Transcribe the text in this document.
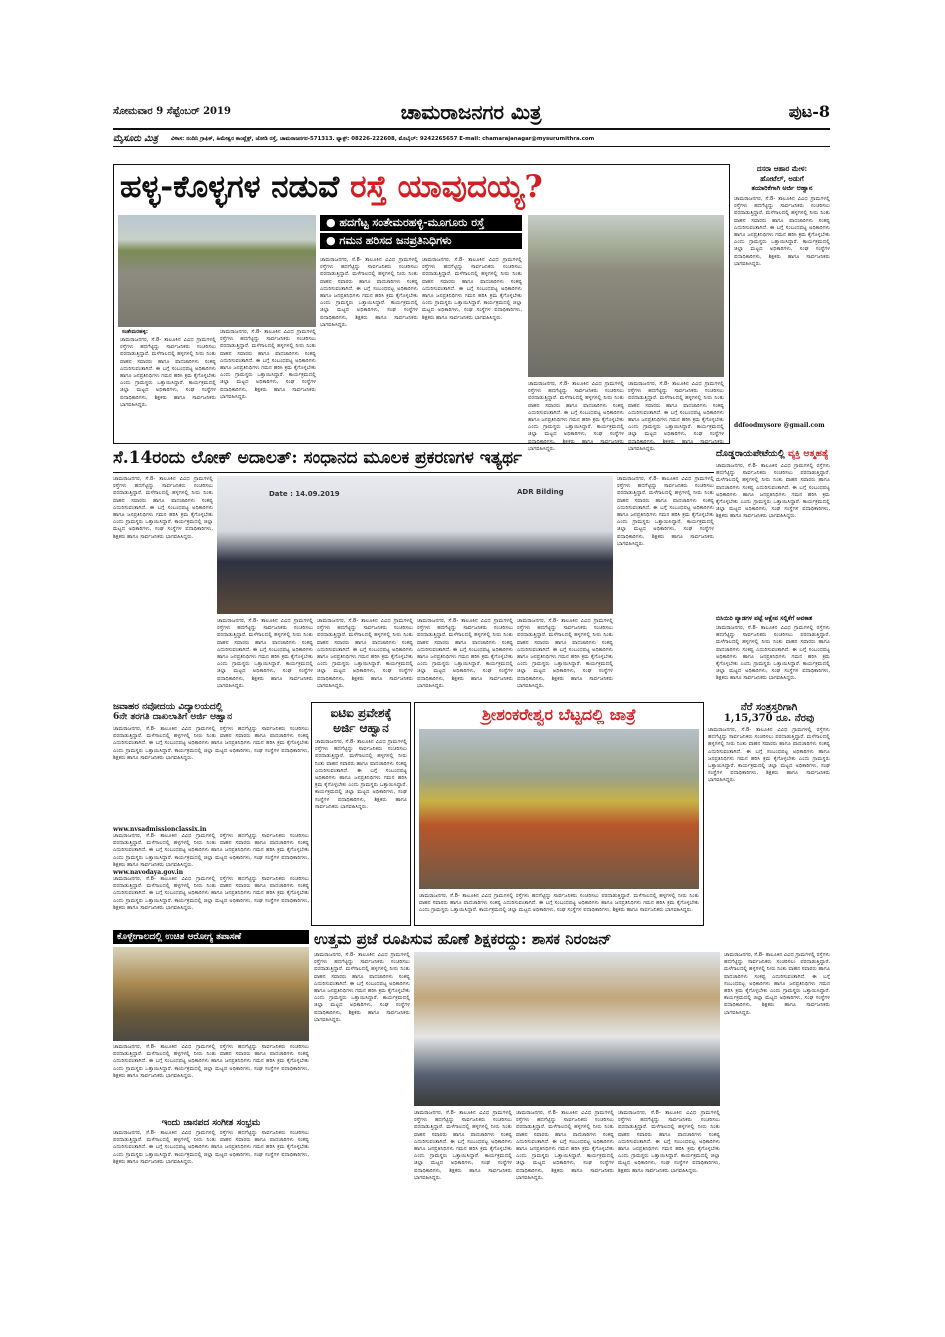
ಸೋಮವಾರ 9 ಸೆಪ್ಟೆಂಬರ್ 2019	ಚಾಮರಾಜನಗರ ಮಿತ್ರ	ಪುಟ-8
ಮೈಸೂರು ಮಿತ್ರ ವಿಳಾಸ: ನಂದಿನಿ ಗ್ರಾಫಿಕ್, ಹಿಮೇಶ್ವರ ಕಾಂಪ್ಲೆಕ್ಸ್, ಜೋಡಿ ರಸ್ತೆ, ಚಾಮರಾಜನಗರ-571313. ಫ್ಯಾಕ್ಸ್: 08226-222608, ಮೊಬೈಲ್: 9242265657 E-mail: chamarajanagar@mysurumithra.com
ಹಳ್ಳ-ಕೊಳ್ಳಗಳ ನಡುವೆ ರಸ್ತೆ ಯಾವುದಯ್ಯ?
ಸಂತೇಮರಹಳ್ಳಿ:
ಚಾಮರಾಜನಗರ, ಸೆ.8- ತಾಲೂಕಿನ ವಿವಿಧ ಗ್ರಾಮಗಳಲ್ಲಿ ರಸ್ತೆಗಳು ಹದಗೆಟ್ಟಿದ್ದು ಸಾರ್ವಜನಿಕರು ಸಂಚರಿಸಲು ಪರದಾಡುತ್ತಿದ್ದಾರೆ. ಮಳೆಗಾಲದಲ್ಲಿ ಹಳ್ಳಗಳಲ್ಲಿ ನೀರು ನಿಂತು ವಾಹನ ಸವಾರರು ಹಾಗೂ ಪಾದಚಾರಿಗಳು ಸಂಕಷ್ಟ ಎದುರಿಸುವಂತಾಗಿದೆ. ಈ ಬಗ್ಗೆ ಸಂಬಂಧಪಟ್ಟ ಅಧಿಕಾರಿಗಳು ಹಾಗೂ ಜನಪ್ರತಿನಿಧಿಗಳು ಗಮನ ಹರಿಸಿ ಕ್ರಮ ಕೈಗೊಳ್ಳಬೇಕು ಎಂದು ಗ್ರಾಮಸ್ಥರು ಒತ್ತಾಯಿಸಿದ್ದಾರೆ. ಕಾರ್ಯಕ್ರಮದಲ್ಲಿ ಜಿಲ್ಲಾ ಮಟ್ಟದ ಅಧಿಕಾರಿಗಳು, ಸಂಘ ಸಂಸ್ಥೆಗಳ ಪದಾಧಿಕಾರಿಗಳು, ಶಿಕ್ಷಕರು ಹಾಗೂ ಸಾರ್ವಜನಿಕರು ಭಾಗವಹಿಸಿದ್ದರು.
ಚಾಮರಾಜನಗರ, ಸೆ.8- ತಾಲೂಕಿನ ವಿವಿಧ ಗ್ರಾಮಗಳಲ್ಲಿ ರಸ್ತೆಗಳು ಹದಗೆಟ್ಟಿದ್ದು ಸಾರ್ವಜನಿಕರು ಸಂಚರಿಸಲು ಪರದಾಡುತ್ತಿದ್ದಾರೆ. ಮಳೆಗಾಲದಲ್ಲಿ ಹಳ್ಳಗಳಲ್ಲಿ ನೀರು ನಿಂತು ವಾಹನ ಸವಾರರು ಹಾಗೂ ಪಾದಚಾರಿಗಳು ಸಂಕಷ್ಟ ಎದುರಿಸುವಂತಾಗಿದೆ. ಈ ಬಗ್ಗೆ ಸಂಬಂಧಪಟ್ಟ ಅಧಿಕಾರಿಗಳು ಹಾಗೂ ಜನಪ್ರತಿನಿಧಿಗಳು ಗಮನ ಹರಿಸಿ ಕ್ರಮ ಕೈಗೊಳ್ಳಬೇಕು ಎಂದು ಗ್ರಾಮಸ್ಥರು ಒತ್ತಾಯಿಸಿದ್ದಾರೆ. ಕಾರ್ಯಕ್ರಮದಲ್ಲಿ ಜಿಲ್ಲಾ ಮಟ್ಟದ ಅಧಿಕಾರಿಗಳು, ಸಂಘ ಸಂಸ್ಥೆಗಳ ಪದಾಧಿಕಾರಿಗಳು, ಶಿಕ್ಷಕರು ಹಾಗೂ ಸಾರ್ವಜನಿಕರು ಭಾಗವಹಿಸಿದ್ದರು.
● ಹದಗೆಟ್ಟ ಸಂತೇಮರಹಳ್ಳಿ-ಮೂಗೂರು ರಸ್ತೆ
● ಗಮನ ಹರಿಸದ ಜನಪ್ರತಿನಿಧಿಗಳು
ಚಾಮರಾಜನಗರ, ಸೆ.8- ತಾಲೂಕಿನ ವಿವಿಧ ಗ್ರಾಮಗಳಲ್ಲಿ ರಸ್ತೆಗಳು ಹದಗೆಟ್ಟಿದ್ದು ಸಾರ್ವಜನಿಕರು ಸಂಚರಿಸಲು ಪರದಾಡುತ್ತಿದ್ದಾರೆ. ಮಳೆಗಾಲದಲ್ಲಿ ಹಳ್ಳಗಳಲ್ಲಿ ನೀರು ನಿಂತು ವಾಹನ ಸವಾರರು ಹಾಗೂ ಪಾದಚಾರಿಗಳು ಸಂಕಷ್ಟ ಎದುರಿಸುವಂತಾಗಿದೆ. ಈ ಬಗ್ಗೆ ಸಂಬಂಧಪಟ್ಟ ಅಧಿಕಾರಿಗಳು ಹಾಗೂ ಜನಪ್ರತಿನಿಧಿಗಳು ಗಮನ ಹರಿಸಿ ಕ್ರಮ ಕೈಗೊಳ್ಳಬೇಕು ಎಂದು ಗ್ರಾಮಸ್ಥರು ಒತ್ತಾಯಿಸಿದ್ದಾರೆ. ಕಾರ್ಯಕ್ರಮದಲ್ಲಿ ಜಿಲ್ಲಾ ಮಟ್ಟದ ಅಧಿಕಾರಿಗಳು, ಸಂಘ ಸಂಸ್ಥೆಗಳ ಪದಾಧಿಕಾರಿಗಳು, ಶಿಕ್ಷಕರು ಹಾಗೂ ಸಾರ್ವಜನಿಕರು ಭಾಗವಹಿಸಿದ್ದರು.
ಚಾಮರಾಜನಗರ, ಸೆ.8- ತಾಲೂಕಿನ ವಿವಿಧ ಗ್ರಾಮಗಳಲ್ಲಿ ರಸ್ತೆಗಳು ಹದಗೆಟ್ಟಿದ್ದು ಸಾರ್ವಜನಿಕರು ಸಂಚರಿಸಲು ಪರದಾಡುತ್ತಿದ್ದಾರೆ. ಮಳೆಗಾಲದಲ್ಲಿ ಹಳ್ಳಗಳಲ್ಲಿ ನೀರು ನಿಂತು ವಾಹನ ಸವಾರರು ಹಾಗೂ ಪಾದಚಾರಿಗಳು ಸಂಕಷ್ಟ ಎದುರಿಸುವಂತಾಗಿದೆ. ಈ ಬಗ್ಗೆ ಸಂಬಂಧಪಟ್ಟ ಅಧಿಕಾರಿಗಳು ಹಾಗೂ ಜನಪ್ರತಿನಿಧಿಗಳು ಗಮನ ಹರಿಸಿ ಕ್ರಮ ಕೈಗೊಳ್ಳಬೇಕು ಎಂದು ಗ್ರಾಮಸ್ಥರು ಒತ್ತಾಯಿಸಿದ್ದಾರೆ. ಕಾರ್ಯಕ್ರಮದಲ್ಲಿ ಜಿಲ್ಲಾ ಮಟ್ಟದ ಅಧಿಕಾರಿಗಳು, ಸಂಘ ಸಂಸ್ಥೆಗಳ ಪದಾಧಿಕಾರಿಗಳು, ಶಿಕ್ಷಕರು ಹಾಗೂ ಸಾರ್ವಜನಿಕರು ಭಾಗವಹಿಸಿದ್ದರು.
ಚಾಮರಾಜನಗರ, ಸೆ.8- ತಾಲೂಕಿನ ವಿವಿಧ ಗ್ರಾಮಗಳಲ್ಲಿ ರಸ್ತೆಗಳು ಹದಗೆಟ್ಟಿದ್ದು ಸಾರ್ವಜನಿಕರು ಸಂಚರಿಸಲು ಪರದಾಡುತ್ತಿದ್ದಾರೆ. ಮಳೆಗಾಲದಲ್ಲಿ ಹಳ್ಳಗಳಲ್ಲಿ ನೀರು ನಿಂತು ವಾಹನ ಸವಾರರು ಹಾಗೂ ಪಾದಚಾರಿಗಳು ಸಂಕಷ್ಟ ಎದುರಿಸುವಂತಾಗಿದೆ. ಈ ಬಗ್ಗೆ ಸಂಬಂಧಪಟ್ಟ ಅಧಿಕಾರಿಗಳು ಹಾಗೂ ಜನಪ್ರತಿನಿಧಿಗಳು ಗಮನ ಹರಿಸಿ ಕ್ರಮ ಕೈಗೊಳ್ಳಬೇಕು ಎಂದು ಗ್ರಾಮಸ್ಥರು ಒತ್ತಾಯಿಸಿದ್ದಾರೆ. ಕಾರ್ಯಕ್ರಮದಲ್ಲಿ ಜಿಲ್ಲಾ ಮಟ್ಟದ ಅಧಿಕಾರಿಗಳು, ಸಂಘ ಸಂಸ್ಥೆಗಳ ಪದಾಧಿಕಾರಿಗಳು, ಶಿಕ್ಷಕರು ಹಾಗೂ ಸಾರ್ವಜನಿಕರು ಭಾಗವಹಿಸಿದ್ದರು.
ಚಾಮರಾಜನಗರ, ಸೆ.8- ತಾಲೂಕಿನ ವಿವಿಧ ಗ್ರಾಮಗಳಲ್ಲಿ ರಸ್ತೆಗಳು ಹದಗೆಟ್ಟಿದ್ದು ಸಾರ್ವಜನಿಕರು ಸಂಚರಿಸಲು ಪರದಾಡುತ್ತಿದ್ದಾರೆ. ಮಳೆಗಾಲದಲ್ಲಿ ಹಳ್ಳಗಳಲ್ಲಿ ನೀರು ನಿಂತು ವಾಹನ ಸವಾರರು ಹಾಗೂ ಪಾದಚಾರಿಗಳು ಸಂಕಷ್ಟ ಎದುರಿಸುವಂತಾಗಿದೆ. ಈ ಬಗ್ಗೆ ಸಂಬಂಧಪಟ್ಟ ಅಧಿಕಾರಿಗಳು ಹಾಗೂ ಜನಪ್ರತಿನಿಧಿಗಳು ಗಮನ ಹರಿಸಿ ಕ್ರಮ ಕೈಗೊಳ್ಳಬೇಕು ಎಂದು ಗ್ರಾಮಸ್ಥರು ಒತ್ತಾಯಿಸಿದ್ದಾರೆ. ಕಾರ್ಯಕ್ರಮದಲ್ಲಿ ಜಿಲ್ಲಾ ಮಟ್ಟದ ಅಧಿಕಾರಿಗಳು, ಸಂಘ ಸಂಸ್ಥೆಗಳ ಪದಾಧಿಕಾರಿಗಳು, ಶಿಕ್ಷಕರು ಹಾಗೂ ಸಾರ್ವಜನಿಕರು ಭಾಗವಹಿಸಿದ್ದರು.
ದಸರಾ ಆಹಾರ ಮೇಳ:
ಹೋಟೆಲ್, ಅಡುಗೆ
ತಯಾರಿಕೆಗಾಗಿ ಅರ್ಜಿ ಆಹ್ವಾನ
ಚಾಮರಾಜನಗರ, ಸೆ.8- ತಾಲೂಕಿನ ವಿವಿಧ ಗ್ರಾಮಗಳಲ್ಲಿ ರಸ್ತೆಗಳು ಹದಗೆಟ್ಟಿದ್ದು ಸಾರ್ವಜನಿಕರು ಸಂಚರಿಸಲು ಪರದಾಡುತ್ತಿದ್ದಾರೆ. ಮಳೆಗಾಲದಲ್ಲಿ ಹಳ್ಳಗಳಲ್ಲಿ ನೀರು ನಿಂತು ವಾಹನ ಸವಾರರು ಹಾಗೂ ಪಾದಚಾರಿಗಳು ಸಂಕಷ್ಟ ಎದುರಿಸುವಂತಾಗಿದೆ. ಈ ಬಗ್ಗೆ ಸಂಬಂಧಪಟ್ಟ ಅಧಿಕಾರಿಗಳು ಹಾಗೂ ಜನಪ್ರತಿನಿಧಿಗಳು ಗಮನ ಹರಿಸಿ ಕ್ರಮ ಕೈಗೊಳ್ಳಬೇಕು ಎಂದು ಗ್ರಾಮಸ್ಥರು ಒತ್ತಾಯಿಸಿದ್ದಾರೆ. ಕಾರ್ಯಕ್ರಮದಲ್ಲಿ ಜಿಲ್ಲಾ ಮಟ್ಟದ ಅಧಿಕಾರಿಗಳು, ಸಂಘ ಸಂಸ್ಥೆಗಳ ಪದಾಧಿಕಾರಿಗಳು, ಶಿಕ್ಷಕರು ಹಾಗೂ ಸಾರ್ವಜನಿಕರು ಭಾಗವಹಿಸಿದ್ದರು.
ddfoodmysore @gmail.com
ಸೆ.14ರಂದು ಲೋಕ್ ಅದಾಲತ್: ಸಂಧಾನದ ಮೂಲಕ ಪ್ರಕರಣಗಳ ಇತ್ಯರ್ಥ
ಚಾಮರಾಜನಗರ, ಸೆ.8- ತಾಲೂಕಿನ ವಿವಿಧ ಗ್ರಾಮಗಳಲ್ಲಿ ರಸ್ತೆಗಳು ಹದಗೆಟ್ಟಿದ್ದು ಸಾರ್ವಜನಿಕರು ಸಂಚರಿಸಲು ಪರದಾಡುತ್ತಿದ್ದಾರೆ. ಮಳೆಗಾಲದಲ್ಲಿ ಹಳ್ಳಗಳಲ್ಲಿ ನೀರು ನಿಂತು ವಾಹನ ಸವಾರರು ಹಾಗೂ ಪಾದಚಾರಿಗಳು ಸಂಕಷ್ಟ ಎದುರಿಸುವಂತಾಗಿದೆ. ಈ ಬಗ್ಗೆ ಸಂಬಂಧಪಟ್ಟ ಅಧಿಕಾರಿಗಳು ಹಾಗೂ ಜನಪ್ರತಿನಿಧಿಗಳು ಗಮನ ಹರಿಸಿ ಕ್ರಮ ಕೈಗೊಳ್ಳಬೇಕು ಎಂದು ಗ್ರಾಮಸ್ಥರು ಒತ್ತಾಯಿಸಿದ್ದಾರೆ. ಕಾರ್ಯಕ್ರಮದಲ್ಲಿ ಜಿಲ್ಲಾ ಮಟ್ಟದ ಅಧಿಕಾರಿಗಳು, ಸಂಘ ಸಂಸ್ಥೆಗಳ ಪದಾಧಿಕಾರಿಗಳು, ಶಿಕ್ಷಕರು ಹಾಗೂ ಸಾರ್ವಜನಿಕರು ಭಾಗವಹಿಸಿದ್ದರು.
Date : 14.09.2019	ADR Bilding
ಚಾಮರಾಜನಗರ, ಸೆ.8- ತಾಲೂಕಿನ ವಿವಿಧ ಗ್ರಾಮಗಳಲ್ಲಿ ರಸ್ತೆಗಳು ಹದಗೆಟ್ಟಿದ್ದು ಸಾರ್ವಜನಿಕರು ಸಂಚರಿಸಲು ಪರದಾಡುತ್ತಿದ್ದಾರೆ. ಮಳೆಗಾಲದಲ್ಲಿ ಹಳ್ಳಗಳಲ್ಲಿ ನೀರು ನಿಂತು ವಾಹನ ಸವಾರರು ಹಾಗೂ ಪಾದಚಾರಿಗಳು ಸಂಕಷ್ಟ ಎದುರಿಸುವಂತಾಗಿದೆ. ಈ ಬಗ್ಗೆ ಸಂಬಂಧಪಟ್ಟ ಅಧಿಕಾರಿಗಳು ಹಾಗೂ ಜನಪ್ರತಿನಿಧಿಗಳು ಗಮನ ಹರಿಸಿ ಕ್ರಮ ಕೈಗೊಳ್ಳಬೇಕು ಎಂದು ಗ್ರಾಮಸ್ಥರು ಒತ್ತಾಯಿಸಿದ್ದಾರೆ. ಕಾರ್ಯಕ್ರಮದಲ್ಲಿ ಜಿಲ್ಲಾ ಮಟ್ಟದ ಅಧಿಕಾರಿಗಳು, ಸಂಘ ಸಂಸ್ಥೆಗಳ ಪದಾಧಿಕಾರಿಗಳು, ಶಿಕ್ಷಕರು ಹಾಗೂ ಸಾರ್ವಜನಿಕರು ಭಾಗವಹಿಸಿದ್ದರು.
ಚಾಮರಾಜನಗರ, ಸೆ.8- ತಾಲೂಕಿನ ವಿವಿಧ ಗ್ರಾಮಗಳಲ್ಲಿ ರಸ್ತೆಗಳು ಹದಗೆಟ್ಟಿದ್ದು ಸಾರ್ವಜನಿಕರು ಸಂಚರಿಸಲು ಪರದಾಡುತ್ತಿದ್ದಾರೆ. ಮಳೆಗಾಲದಲ್ಲಿ ಹಳ್ಳಗಳಲ್ಲಿ ನೀರು ನಿಂತು ವಾಹನ ಸವಾರರು ಹಾಗೂ ಪಾದಚಾರಿಗಳು ಸಂಕಷ್ಟ ಎದುರಿಸುವಂತಾಗಿದೆ. ಈ ಬಗ್ಗೆ ಸಂಬಂಧಪಟ್ಟ ಅಧಿಕಾರಿಗಳು ಹಾಗೂ ಜನಪ್ರತಿನಿಧಿಗಳು ಗಮನ ಹರಿಸಿ ಕ್ರಮ ಕೈಗೊಳ್ಳಬೇಕು ಎಂದು ಗ್ರಾಮಸ್ಥರು ಒತ್ತಾಯಿಸಿದ್ದಾರೆ. ಕಾರ್ಯಕ್ರಮದಲ್ಲಿ ಜಿಲ್ಲಾ ಮಟ್ಟದ ಅಧಿಕಾರಿಗಳು, ಸಂಘ ಸಂಸ್ಥೆಗಳ ಪದಾಧಿಕಾರಿಗಳು, ಶಿಕ್ಷಕರು ಹಾಗೂ ಸಾರ್ವಜನಿಕರು ಭಾಗವಹಿಸಿದ್ದರು.
ಚಾಮರಾಜನಗರ, ಸೆ.8- ತಾಲೂಕಿನ ವಿವಿಧ ಗ್ರಾಮಗಳಲ್ಲಿ ರಸ್ತೆಗಳು ಹದಗೆಟ್ಟಿದ್ದು ಸಾರ್ವಜನಿಕರು ಸಂಚರಿಸಲು ಪರದಾಡುತ್ತಿದ್ದಾರೆ. ಮಳೆಗಾಲದಲ್ಲಿ ಹಳ್ಳಗಳಲ್ಲಿ ನೀರು ನಿಂತು ವಾಹನ ಸವಾರರು ಹಾಗೂ ಪಾದಚಾರಿಗಳು ಸಂಕಷ್ಟ ಎದುರಿಸುವಂತಾಗಿದೆ. ಈ ಬಗ್ಗೆ ಸಂಬಂಧಪಟ್ಟ ಅಧಿಕಾರಿಗಳು ಹಾಗೂ ಜನಪ್ರತಿನಿಧಿಗಳು ಗಮನ ಹರಿಸಿ ಕ್ರಮ ಕೈಗೊಳ್ಳಬೇಕು ಎಂದು ಗ್ರಾಮಸ್ಥರು ಒತ್ತಾಯಿಸಿದ್ದಾರೆ. ಕಾರ್ಯಕ್ರಮದಲ್ಲಿ ಜಿಲ್ಲಾ ಮಟ್ಟದ ಅಧಿಕಾರಿಗಳು, ಸಂಘ ಸಂಸ್ಥೆಗಳ ಪದಾಧಿಕಾರಿಗಳು, ಶಿಕ್ಷಕರು ಹಾಗೂ ಸಾರ್ವಜನಿಕರು ಭಾಗವಹಿಸಿದ್ದರು.
ಚಾಮರಾಜನಗರ, ಸೆ.8- ತಾಲೂಕಿನ ವಿವಿಧ ಗ್ರಾಮಗಳಲ್ಲಿ ರಸ್ತೆಗಳು ಹದಗೆಟ್ಟಿದ್ದು ಸಾರ್ವಜನಿಕರು ಸಂಚರಿಸಲು ಪರದಾಡುತ್ತಿದ್ದಾರೆ. ಮಳೆಗಾಲದಲ್ಲಿ ಹಳ್ಳಗಳಲ್ಲಿ ನೀರು ನಿಂತು ವಾಹನ ಸವಾರರು ಹಾಗೂ ಪಾದಚಾರಿಗಳು ಸಂಕಷ್ಟ ಎದುರಿಸುವಂತಾಗಿದೆ. ಈ ಬಗ್ಗೆ ಸಂಬಂಧಪಟ್ಟ ಅಧಿಕಾರಿಗಳು ಹಾಗೂ ಜನಪ್ರತಿನಿಧಿಗಳು ಗಮನ ಹರಿಸಿ ಕ್ರಮ ಕೈಗೊಳ್ಳಬೇಕು ಎಂದು ಗ್ರಾಮಸ್ಥರು ಒತ್ತಾಯಿಸಿದ್ದಾರೆ. ಕಾರ್ಯಕ್ರಮದಲ್ಲಿ ಜಿಲ್ಲಾ ಮಟ್ಟದ ಅಧಿಕಾರಿಗಳು, ಸಂಘ ಸಂಸ್ಥೆಗಳ ಪದಾಧಿಕಾರಿಗಳು, ಶಿಕ್ಷಕರು ಹಾಗೂ ಸಾರ್ವಜನಿಕರು ಭಾಗವಹಿಸಿದ್ದರು.
ಚಾಮರಾಜನಗರ, ಸೆ.8- ತಾಲೂಕಿನ ವಿವಿಧ ಗ್ರಾಮಗಳಲ್ಲಿ ರಸ್ತೆಗಳು ಹದಗೆಟ್ಟಿದ್ದು ಸಾರ್ವಜನಿಕರು ಸಂಚರಿಸಲು ಪರದಾಡುತ್ತಿದ್ದಾರೆ. ಮಳೆಗಾಲದಲ್ಲಿ ಹಳ್ಳಗಳಲ್ಲಿ ನೀರು ನಿಂತು ವಾಹನ ಸವಾರರು ಹಾಗೂ ಪಾದಚಾರಿಗಳು ಸಂಕಷ್ಟ ಎದುರಿಸುವಂತಾಗಿದೆ. ಈ ಬಗ್ಗೆ ಸಂಬಂಧಪಟ್ಟ ಅಧಿಕಾರಿಗಳು ಹಾಗೂ ಜನಪ್ರತಿನಿಧಿಗಳು ಗಮನ ಹರಿಸಿ ಕ್ರಮ ಕೈಗೊಳ್ಳಬೇಕು ಎಂದು ಗ್ರಾಮಸ್ಥರು ಒತ್ತಾಯಿಸಿದ್ದಾರೆ. ಕಾರ್ಯಕ್ರಮದಲ್ಲಿ ಜಿಲ್ಲಾ ಮಟ್ಟದ ಅಧಿಕಾರಿಗಳು, ಸಂಘ ಸಂಸ್ಥೆಗಳ ಪದಾಧಿಕಾರಿಗಳು, ಶಿಕ್ಷಕರು ಹಾಗೂ ಸಾರ್ವಜನಿಕರು ಭಾಗವಹಿಸಿದ್ದರು.
ದೊಡ್ಡರಾಯಪೇಟೆಯಲ್ಲಿ ವ್ಯಕ್ತಿ ಆತ್ಮಹತ್ಯೆ
ಚಾಮರಾಜನಗರ, ಸೆ.8- ತಾಲೂಕಿನ ವಿವಿಧ ಗ್ರಾಮಗಳಲ್ಲಿ ರಸ್ತೆಗಳು ಹದಗೆಟ್ಟಿದ್ದು ಸಾರ್ವಜನಿಕರು ಸಂಚರಿಸಲು ಪರದಾಡುತ್ತಿದ್ದಾರೆ. ಮಳೆಗಾಲದಲ್ಲಿ ಹಳ್ಳಗಳಲ್ಲಿ ನೀರು ನಿಂತು ವಾಹನ ಸವಾರರು ಹಾಗೂ ಪಾದಚಾರಿಗಳು ಸಂಕಷ್ಟ ಎದುರಿಸುವಂತಾಗಿದೆ. ಈ ಬಗ್ಗೆ ಸಂಬಂಧಪಟ್ಟ ಅಧಿಕಾರಿಗಳು ಹಾಗೂ ಜನಪ್ರತಿನಿಧಿಗಳು ಗಮನ ಹರಿಸಿ ಕ್ರಮ ಕೈಗೊಳ್ಳಬೇಕು ಎಂದು ಗ್ರಾಮಸ್ಥರು ಒತ್ತಾಯಿಸಿದ್ದಾರೆ. ಕಾರ್ಯಕ್ರಮದಲ್ಲಿ ಜಿಲ್ಲಾ ಮಟ್ಟದ ಅಧಿಕಾರಿಗಳು, ಸಂಘ ಸಂಸ್ಥೆಗಳ ಪದಾಧಿಕಾರಿಗಳು, ಶಿಕ್ಷಕರು ಹಾಗೂ ಸಾರ್ವಜನಿಕರು ಭಾಗವಹಿಸಿದ್ದರು.
ಬಿಸಿಯಿರಿ ಪ್ಯಾಡಗಳ ಪಟ್ಟೆ ಆಕ್ಷೇಪ ಸಲ್ಲಿಕೆಗೆ ಅವಕಾಶ
ಚಾಮರಾಜನಗರ, ಸೆ.8- ತಾಲೂಕಿನ ವಿವಿಧ ಗ್ರಾಮಗಳಲ್ಲಿ ರಸ್ತೆಗಳು ಹದಗೆಟ್ಟಿದ್ದು ಸಾರ್ವಜನಿಕರು ಸಂಚರಿಸಲು ಪರದಾಡುತ್ತಿದ್ದಾರೆ. ಮಳೆಗಾಲದಲ್ಲಿ ಹಳ್ಳಗಳಲ್ಲಿ ನೀರು ನಿಂತು ವಾಹನ ಸವಾರರು ಹಾಗೂ ಪಾದಚಾರಿಗಳು ಸಂಕಷ್ಟ ಎದುರಿಸುವಂತಾಗಿದೆ. ಈ ಬಗ್ಗೆ ಸಂಬಂಧಪಟ್ಟ ಅಧಿಕಾರಿಗಳು ಹಾಗೂ ಜನಪ್ರತಿನಿಧಿಗಳು ಗಮನ ಹರಿಸಿ ಕ್ರಮ ಕೈಗೊಳ್ಳಬೇಕು ಎಂದು ಗ್ರಾಮಸ್ಥರು ಒತ್ತಾಯಿಸಿದ್ದಾರೆ. ಕಾರ್ಯಕ್ರಮದಲ್ಲಿ ಜಿಲ್ಲಾ ಮಟ್ಟದ ಅಧಿಕಾರಿಗಳು, ಸಂಘ ಸಂಸ್ಥೆಗಳ ಪದಾಧಿಕಾರಿಗಳು, ಶಿಕ್ಷಕರು ಹಾಗೂ ಸಾರ್ವಜನಿಕರು ಭಾಗವಹಿಸಿದ್ದರು.
ಜವಾಹರ ನವೋದಯ ವಿದ್ಯಾಲಯದಲ್ಲಿ
6ನೇ ತರಗತಿ ದಾಖಲಾತಿಗೆ ಅರ್ಜಿ ಆಹ್ವಾನ
ಚಾಮರಾಜನಗರ, ಸೆ.8- ತಾಲೂಕಿನ ವಿವಿಧ ಗ್ರಾಮಗಳಲ್ಲಿ ರಸ್ತೆಗಳು ಹದಗೆಟ್ಟಿದ್ದು ಸಾರ್ವಜನಿಕರು ಸಂಚರಿಸಲು ಪರದಾಡುತ್ತಿದ್ದಾರೆ. ಮಳೆಗಾಲದಲ್ಲಿ ಹಳ್ಳಗಳಲ್ಲಿ ನೀರು ನಿಂತು ವಾಹನ ಸವಾರರು ಹಾಗೂ ಪಾದಚಾರಿಗಳು ಸಂಕಷ್ಟ ಎದುರಿಸುವಂತಾಗಿದೆ. ಈ ಬಗ್ಗೆ ಸಂಬಂಧಪಟ್ಟ ಅಧಿಕಾರಿಗಳು ಹಾಗೂ ಜನಪ್ರತಿನಿಧಿಗಳು ಗಮನ ಹರಿಸಿ ಕ್ರಮ ಕೈಗೊಳ್ಳಬೇಕು ಎಂದು ಗ್ರಾಮಸ್ಥರು ಒತ್ತಾಯಿಸಿದ್ದಾರೆ. ಕಾರ್ಯಕ್ರಮದಲ್ಲಿ ಜಿಲ್ಲಾ ಮಟ್ಟದ ಅಧಿಕಾರಿಗಳು, ಸಂಘ ಸಂಸ್ಥೆಗಳ ಪದಾಧಿಕಾರಿಗಳು, ಶಿಕ್ಷಕರು ಹಾಗೂ ಸಾರ್ವಜನಿಕರು ಭಾಗವಹಿಸಿದ್ದರು.
www.nvsadmissionclassix.in
ಚಾಮರಾಜನಗರ, ಸೆ.8- ತಾಲೂಕಿನ ವಿವಿಧ ಗ್ರಾಮಗಳಲ್ಲಿ ರಸ್ತೆಗಳು ಹದಗೆಟ್ಟಿದ್ದು ಸಾರ್ವಜನಿಕರು ಸಂಚರಿಸಲು ಪರದಾಡುತ್ತಿದ್ದಾರೆ. ಮಳೆಗಾಲದಲ್ಲಿ ಹಳ್ಳಗಳಲ್ಲಿ ನೀರು ನಿಂತು ವಾಹನ ಸವಾರರು ಹಾಗೂ ಪಾದಚಾರಿಗಳು ಸಂಕಷ್ಟ ಎದುರಿಸುವಂತಾಗಿದೆ. ಈ ಬಗ್ಗೆ ಸಂಬಂಧಪಟ್ಟ ಅಧಿಕಾರಿಗಳು ಹಾಗೂ ಜನಪ್ರತಿನಿಧಿಗಳು ಗಮನ ಹರಿಸಿ ಕ್ರಮ ಕೈಗೊಳ್ಳಬೇಕು ಎಂದು ಗ್ರಾಮಸ್ಥರು ಒತ್ತಾಯಿಸಿದ್ದಾರೆ. ಕಾರ್ಯಕ್ರಮದಲ್ಲಿ ಜಿಲ್ಲಾ ಮಟ್ಟದ ಅಧಿಕಾರಿಗಳು, ಸಂಘ ಸಂಸ್ಥೆಗಳ ಪದಾಧಿಕಾರಿಗಳು, ಶಿಕ್ಷಕರು ಹಾಗೂ ಸಾರ್ವಜನಿಕರು ಭಾಗವಹಿಸಿದ್ದರು.
www.navodaya.gov.in
ಚಾಮರಾಜನಗರ, ಸೆ.8- ತಾಲೂಕಿನ ವಿವಿಧ ಗ್ರಾಮಗಳಲ್ಲಿ ರಸ್ತೆಗಳು ಹದಗೆಟ್ಟಿದ್ದು ಸಾರ್ವಜನಿಕರು ಸಂಚರಿಸಲು ಪರದಾಡುತ್ತಿದ್ದಾರೆ. ಮಳೆಗಾಲದಲ್ಲಿ ಹಳ್ಳಗಳಲ್ಲಿ ನೀರು ನಿಂತು ವಾಹನ ಸವಾರರು ಹಾಗೂ ಪಾದಚಾರಿಗಳು ಸಂಕಷ್ಟ ಎದುರಿಸುವಂತಾಗಿದೆ. ಈ ಬಗ್ಗೆ ಸಂಬಂಧಪಟ್ಟ ಅಧಿಕಾರಿಗಳು ಹಾಗೂ ಜನಪ್ರತಿನಿಧಿಗಳು ಗಮನ ಹರಿಸಿ ಕ್ರಮ ಕೈಗೊಳ್ಳಬೇಕು ಎಂದು ಗ್ರಾಮಸ್ಥರು ಒತ್ತಾಯಿಸಿದ್ದಾರೆ. ಕಾರ್ಯಕ್ರಮದಲ್ಲಿ ಜಿಲ್ಲಾ ಮಟ್ಟದ ಅಧಿಕಾರಿಗಳು, ಸಂಘ ಸಂಸ್ಥೆಗಳ ಪದಾಧಿಕಾರಿಗಳು, ಶಿಕ್ಷಕರು ಹಾಗೂ ಸಾರ್ವಜನಿಕರು ಭಾಗವಹಿಸಿದ್ದರು.
ಐಟಿಐ ಪ್ರವೇಶಕ್ಕೆ
ಅರ್ಜಿ ಆಹ್ವಾನ
ಚಾಮರಾಜನಗರ, ಸೆ.8- ತಾಲೂಕಿನ ವಿವಿಧ ಗ್ರಾಮಗಳಲ್ಲಿ ರಸ್ತೆಗಳು ಹದಗೆಟ್ಟಿದ್ದು ಸಾರ್ವಜನಿಕರು ಸಂಚರಿಸಲು ಪರದಾಡುತ್ತಿದ್ದಾರೆ. ಮಳೆಗಾಲದಲ್ಲಿ ಹಳ್ಳಗಳಲ್ಲಿ ನೀರು ನಿಂತು ವಾಹನ ಸವಾರರು ಹಾಗೂ ಪಾದಚಾರಿಗಳು ಸಂಕಷ್ಟ ಎದುರಿಸುವಂತಾಗಿದೆ. ಈ ಬಗ್ಗೆ ಸಂಬಂಧಪಟ್ಟ ಅಧಿಕಾರಿಗಳು ಹಾಗೂ ಜನಪ್ರತಿನಿಧಿಗಳು ಗಮನ ಹರಿಸಿ ಕ್ರಮ ಕೈಗೊಳ್ಳಬೇಕು ಎಂದು ಗ್ರಾಮಸ್ಥರು ಒತ್ತಾಯಿಸಿದ್ದಾರೆ. ಕಾರ್ಯಕ್ರಮದಲ್ಲಿ ಜಿಲ್ಲಾ ಮಟ್ಟದ ಅಧಿಕಾರಿಗಳು, ಸಂಘ ಸಂಸ್ಥೆಗಳ ಪದಾಧಿಕಾರಿಗಳು, ಶಿಕ್ಷಕರು ಹಾಗೂ ಸಾರ್ವಜನಿಕರು ಭಾಗವಹಿಸಿದ್ದರು.
ಶ್ರೀಶಂಕರೇಶ್ವರ ಬೆಟ್ಟದಲ್ಲಿ ಜಾತ್ರೆ
ಚಾಮರಾಜನಗರ, ಸೆ.8- ತಾಲೂಕಿನ ವಿವಿಧ ಗ್ರಾಮಗಳಲ್ಲಿ ರಸ್ತೆಗಳು ಹದಗೆಟ್ಟಿದ್ದು ಸಾರ್ವಜನಿಕರು ಸಂಚರಿಸಲು ಪರದಾಡುತ್ತಿದ್ದಾರೆ. ಮಳೆಗಾಲದಲ್ಲಿ ಹಳ್ಳಗಳಲ್ಲಿ ನೀರು ನಿಂತು ವಾಹನ ಸವಾರರು ಹಾಗೂ ಪಾದಚಾರಿಗಳು ಸಂಕಷ್ಟ ಎದುರಿಸುವಂತಾಗಿದೆ. ಈ ಬಗ್ಗೆ ಸಂಬಂಧಪಟ್ಟ ಅಧಿಕಾರಿಗಳು ಹಾಗೂ ಜನಪ್ರತಿನಿಧಿಗಳು ಗಮನ ಹರಿಸಿ ಕ್ರಮ ಕೈಗೊಳ್ಳಬೇಕು ಎಂದು ಗ್ರಾಮಸ್ಥರು ಒತ್ತಾಯಿಸಿದ್ದಾರೆ. ಕಾರ್ಯಕ್ರಮದಲ್ಲಿ ಜಿಲ್ಲಾ ಮಟ್ಟದ ಅಧಿಕಾರಿಗಳು, ಸಂಘ ಸಂಸ್ಥೆಗಳ ಪದಾಧಿಕಾರಿಗಳು, ಶಿಕ್ಷಕರು ಹಾಗೂ ಸಾರ್ವಜನಿಕರು ಭಾಗವಹಿಸಿದ್ದರು.
ನೆರೆ ಸಂತ್ರಸ್ತರಿಗಾಗಿ
1,15,370 ರೂ. ನೆರವು
ಚಾಮರಾಜನಗರ, ಸೆ.8- ತಾಲೂಕಿನ ವಿವಿಧ ಗ್ರಾಮಗಳಲ್ಲಿ ರಸ್ತೆಗಳು ಹದಗೆಟ್ಟಿದ್ದು ಸಾರ್ವಜನಿಕರು ಸಂಚರಿಸಲು ಪರದಾಡುತ್ತಿದ್ದಾರೆ. ಮಳೆಗಾಲದಲ್ಲಿ ಹಳ್ಳಗಳಲ್ಲಿ ನೀರು ನಿಂತು ವಾಹನ ಸವಾರರು ಹಾಗೂ ಪಾದಚಾರಿಗಳು ಸಂಕಷ್ಟ ಎದುರಿಸುವಂತಾಗಿದೆ. ಈ ಬಗ್ಗೆ ಸಂಬಂಧಪಟ್ಟ ಅಧಿಕಾರಿಗಳು ಹಾಗೂ ಜನಪ್ರತಿನಿಧಿಗಳು ಗಮನ ಹರಿಸಿ ಕ್ರಮ ಕೈಗೊಳ್ಳಬೇಕು ಎಂದು ಗ್ರಾಮಸ್ಥರು ಒತ್ತಾಯಿಸಿದ್ದಾರೆ. ಕಾರ್ಯಕ್ರಮದಲ್ಲಿ ಜಿಲ್ಲಾ ಮಟ್ಟದ ಅಧಿಕಾರಿಗಳು, ಸಂಘ ಸಂಸ್ಥೆಗಳ ಪದಾಧಿಕಾರಿಗಳು, ಶಿಕ್ಷಕರು ಹಾಗೂ ಸಾರ್ವಜನಿಕರು ಭಾಗವಹಿಸಿದ್ದರು.
ಕೊಳ್ಳೇಗಾಲದಲ್ಲಿ ಉಚಿತ ಆರೋಗ್ಯ ತಪಾಸಣೆ
ಚಾಮರಾಜನಗರ, ಸೆ.8- ತಾಲೂಕಿನ ವಿವಿಧ ಗ್ರಾಮಗಳಲ್ಲಿ ರಸ್ತೆಗಳು ಹದಗೆಟ್ಟಿದ್ದು ಸಾರ್ವಜನಿಕರು ಸಂಚರಿಸಲು ಪರದಾಡುತ್ತಿದ್ದಾರೆ. ಮಳೆಗಾಲದಲ್ಲಿ ಹಳ್ಳಗಳಲ್ಲಿ ನೀರು ನಿಂತು ವಾಹನ ಸವಾರರು ಹಾಗೂ ಪಾದಚಾರಿಗಳು ಸಂಕಷ್ಟ ಎದುರಿಸುವಂತಾಗಿದೆ. ಈ ಬಗ್ಗೆ ಸಂಬಂಧಪಟ್ಟ ಅಧಿಕಾರಿಗಳು ಹಾಗೂ ಜನಪ್ರತಿನಿಧಿಗಳು ಗಮನ ಹರಿಸಿ ಕ್ರಮ ಕೈಗೊಳ್ಳಬೇಕು ಎಂದು ಗ್ರಾಮಸ್ಥರು ಒತ್ತಾಯಿಸಿದ್ದಾರೆ. ಕಾರ್ಯಕ್ರಮದಲ್ಲಿ ಜಿಲ್ಲಾ ಮಟ್ಟದ ಅಧಿಕಾರಿಗಳು, ಸಂಘ ಸಂಸ್ಥೆಗಳ ಪದಾಧಿಕಾರಿಗಳು, ಶಿಕ್ಷಕರು ಹಾಗೂ ಸಾರ್ವಜನಿಕರು ಭಾಗವಹಿಸಿದ್ದರು.
ಇಂದು ಜಾನಪದ ಸಂಗೀತ ಸಂಭ್ರಮ
ಚಾಮರಾಜನಗರ, ಸೆ.8- ತಾಲೂಕಿನ ವಿವಿಧ ಗ್ರಾಮಗಳಲ್ಲಿ ರಸ್ತೆಗಳು ಹದಗೆಟ್ಟಿದ್ದು ಸಾರ್ವಜನಿಕರು ಸಂಚರಿಸಲು ಪರದಾಡುತ್ತಿದ್ದಾರೆ. ಮಳೆಗಾಲದಲ್ಲಿ ಹಳ್ಳಗಳಲ್ಲಿ ನೀರು ನಿಂತು ವಾಹನ ಸವಾರರು ಹಾಗೂ ಪಾದಚಾರಿಗಳು ಸಂಕಷ್ಟ ಎದುರಿಸುವಂತಾಗಿದೆ. ಈ ಬಗ್ಗೆ ಸಂಬಂಧಪಟ್ಟ ಅಧಿಕಾರಿಗಳು ಹಾಗೂ ಜನಪ್ರತಿನಿಧಿಗಳು ಗಮನ ಹರಿಸಿ ಕ್ರಮ ಕೈಗೊಳ್ಳಬೇಕು ಎಂದು ಗ್ರಾಮಸ್ಥರು ಒತ್ತಾಯಿಸಿದ್ದಾರೆ. ಕಾರ್ಯಕ್ರಮದಲ್ಲಿ ಜಿಲ್ಲಾ ಮಟ್ಟದ ಅಧಿಕಾರಿಗಳು, ಸಂಘ ಸಂಸ್ಥೆಗಳ ಪದಾಧಿಕಾರಿಗಳು, ಶಿಕ್ಷಕರು ಹಾಗೂ ಸಾರ್ವಜನಿಕರು ಭಾಗವಹಿಸಿದ್ದರು.
ಉತ್ತಮ ಪ್ರಜೆ ರೂಪಿಸುವ ಹೊಣೆ ಶಿಕ್ಷಕರದ್ದು: ಶಾಸಕ ನಿರಂಜನ್
ಚಾಮರಾಜನಗರ, ಸೆ.8- ತಾಲೂಕಿನ ವಿವಿಧ ಗ್ರಾಮಗಳಲ್ಲಿ ರಸ್ತೆಗಳು ಹದಗೆಟ್ಟಿದ್ದು ಸಾರ್ವಜನಿಕರು ಸಂಚರಿಸಲು ಪರದಾಡುತ್ತಿದ್ದಾರೆ. ಮಳೆಗಾಲದಲ್ಲಿ ಹಳ್ಳಗಳಲ್ಲಿ ನೀರು ನಿಂತು ವಾಹನ ಸವಾರರು ಹಾಗೂ ಪಾದಚಾರಿಗಳು ಸಂಕಷ್ಟ ಎದುರಿಸುವಂತಾಗಿದೆ. ಈ ಬಗ್ಗೆ ಸಂಬಂಧಪಟ್ಟ ಅಧಿಕಾರಿಗಳು ಹಾಗೂ ಜನಪ್ರತಿನಿಧಿಗಳು ಗಮನ ಹರಿಸಿ ಕ್ರಮ ಕೈಗೊಳ್ಳಬೇಕು ಎಂದು ಗ್ರಾಮಸ್ಥರು ಒತ್ತಾಯಿಸಿದ್ದಾರೆ. ಕಾರ್ಯಕ್ರಮದಲ್ಲಿ ಜಿಲ್ಲಾ ಮಟ್ಟದ ಅಧಿಕಾರಿಗಳು, ಸಂಘ ಸಂಸ್ಥೆಗಳ ಪದಾಧಿಕಾರಿಗಳು, ಶಿಕ್ಷಕರು ಹಾಗೂ ಸಾರ್ವಜನಿಕರು ಭಾಗವಹಿಸಿದ್ದರು.
ಚಾಮರಾಜನಗರ, ಸೆ.8- ತಾಲೂಕಿನ ವಿವಿಧ ಗ್ರಾಮಗಳಲ್ಲಿ ರಸ್ತೆಗಳು ಹದಗೆಟ್ಟಿದ್ದು ಸಾರ್ವಜನಿಕರು ಸಂಚರಿಸಲು ಪರದಾಡುತ್ತಿದ್ದಾರೆ. ಮಳೆಗಾಲದಲ್ಲಿ ಹಳ್ಳಗಳಲ್ಲಿ ನೀರು ನಿಂತು ವಾಹನ ಸವಾರರು ಹಾಗೂ ಪಾದಚಾರಿಗಳು ಸಂಕಷ್ಟ ಎದುರಿಸುವಂತಾಗಿದೆ. ಈ ಬಗ್ಗೆ ಸಂಬಂಧಪಟ್ಟ ಅಧಿಕಾರಿಗಳು ಹಾಗೂ ಜನಪ್ರತಿನಿಧಿಗಳು ಗಮನ ಹರಿಸಿ ಕ್ರಮ ಕೈಗೊಳ್ಳಬೇಕು ಎಂದು ಗ್ರಾಮಸ್ಥರು ಒತ್ತಾಯಿಸಿದ್ದಾರೆ. ಕಾರ್ಯಕ್ರಮದಲ್ಲಿ ಜಿಲ್ಲಾ ಮಟ್ಟದ ಅಧಿಕಾರಿಗಳು, ಸಂಘ ಸಂಸ್ಥೆಗಳ ಪದಾಧಿಕಾರಿಗಳು, ಶಿಕ್ಷಕರು ಹಾಗೂ ಸಾರ್ವಜನಿಕರು ಭಾಗವಹಿಸಿದ್ದರು.
ಚಾಮರಾಜನಗರ, ಸೆ.8- ತಾಲೂಕಿನ ವಿವಿಧ ಗ್ರಾಮಗಳಲ್ಲಿ ರಸ್ತೆಗಳು ಹದಗೆಟ್ಟಿದ್ದು ಸಾರ್ವಜನಿಕರು ಸಂಚರಿಸಲು ಪರದಾಡುತ್ತಿದ್ದಾರೆ. ಮಳೆಗಾಲದಲ್ಲಿ ಹಳ್ಳಗಳಲ್ಲಿ ನೀರು ನಿಂತು ವಾಹನ ಸವಾರರು ಹಾಗೂ ಪಾದಚಾರಿಗಳು ಸಂಕಷ್ಟ ಎದುರಿಸುವಂತಾಗಿದೆ. ಈ ಬಗ್ಗೆ ಸಂಬಂಧಪಟ್ಟ ಅಧಿಕಾರಿಗಳು ಹಾಗೂ ಜನಪ್ರತಿನಿಧಿಗಳು ಗಮನ ಹರಿಸಿ ಕ್ರಮ ಕೈಗೊಳ್ಳಬೇಕು ಎಂದು ಗ್ರಾಮಸ್ಥರು ಒತ್ತಾಯಿಸಿದ್ದಾರೆ. ಕಾರ್ಯಕ್ರಮದಲ್ಲಿ ಜಿಲ್ಲಾ ಮಟ್ಟದ ಅಧಿಕಾರಿಗಳು, ಸಂಘ ಸಂಸ್ಥೆಗಳ ಪದಾಧಿಕಾರಿಗಳು, ಶಿಕ್ಷಕರು ಹಾಗೂ ಸಾರ್ವಜನಿಕರು ಭಾಗವಹಿಸಿದ್ದರು.
ಚಾಮರಾಜನಗರ, ಸೆ.8- ತಾಲೂಕಿನ ವಿವಿಧ ಗ್ರಾಮಗಳಲ್ಲಿ ರಸ್ತೆಗಳು ಹದಗೆಟ್ಟಿದ್ದು ಸಾರ್ವಜನಿಕರು ಸಂಚರಿಸಲು ಪರದಾಡುತ್ತಿದ್ದಾರೆ. ಮಳೆಗಾಲದಲ್ಲಿ ಹಳ್ಳಗಳಲ್ಲಿ ನೀರು ನಿಂತು ವಾಹನ ಸವಾರರು ಹಾಗೂ ಪಾದಚಾರಿಗಳು ಸಂಕಷ್ಟ ಎದುರಿಸುವಂತಾಗಿದೆ. ಈ ಬಗ್ಗೆ ಸಂಬಂಧಪಟ್ಟ ಅಧಿಕಾರಿಗಳು ಹಾಗೂ ಜನಪ್ರತಿನಿಧಿಗಳು ಗಮನ ಹರಿಸಿ ಕ್ರಮ ಕೈಗೊಳ್ಳಬೇಕು ಎಂದು ಗ್ರಾಮಸ್ಥರು ಒತ್ತಾಯಿಸಿದ್ದಾರೆ. ಕಾರ್ಯಕ್ರಮದಲ್ಲಿ ಜಿಲ್ಲಾ ಮಟ್ಟದ ಅಧಿಕಾರಿಗಳು, ಸಂಘ ಸಂಸ್ಥೆಗಳ ಪದಾಧಿಕಾರಿಗಳು, ಶಿಕ್ಷಕರು ಹಾಗೂ ಸಾರ್ವಜನಿಕರು ಭಾಗವಹಿಸಿದ್ದರು.
ಚಾಮರಾಜನಗರ, ಸೆ.8- ತಾಲೂಕಿನ ವಿವಿಧ ಗ್ರಾಮಗಳಲ್ಲಿ ರಸ್ತೆಗಳು ಹದಗೆಟ್ಟಿದ್ದು ಸಾರ್ವಜನಿಕರು ಸಂಚರಿಸಲು ಪರದಾಡುತ್ತಿದ್ದಾರೆ. ಮಳೆಗಾಲದಲ್ಲಿ ಹಳ್ಳಗಳಲ್ಲಿ ನೀರು ನಿಂತು ವಾಹನ ಸವಾರರು ಹಾಗೂ ಪಾದಚಾರಿಗಳು ಸಂಕಷ್ಟ ಎದುರಿಸುವಂತಾಗಿದೆ. ಈ ಬಗ್ಗೆ ಸಂಬಂಧಪಟ್ಟ ಅಧಿಕಾರಿಗಳು ಹಾಗೂ ಜನಪ್ರತಿನಿಧಿಗಳು ಗಮನ ಹರಿಸಿ ಕ್ರಮ ಕೈಗೊಳ್ಳಬೇಕು ಎಂದು ಗ್ರಾಮಸ್ಥರು ಒತ್ತಾಯಿಸಿದ್ದಾರೆ. ಕಾರ್ಯಕ್ರಮದಲ್ಲಿ ಜಿಲ್ಲಾ ಮಟ್ಟದ ಅಧಿಕಾರಿಗಳು, ಸಂಘ ಸಂಸ್ಥೆಗಳ ಪದಾಧಿಕಾರಿಗಳು, ಶಿಕ್ಷಕರು ಹಾಗೂ ಸಾರ್ವಜನಿಕರು ಭಾಗವಹಿಸಿದ್ದರು.
